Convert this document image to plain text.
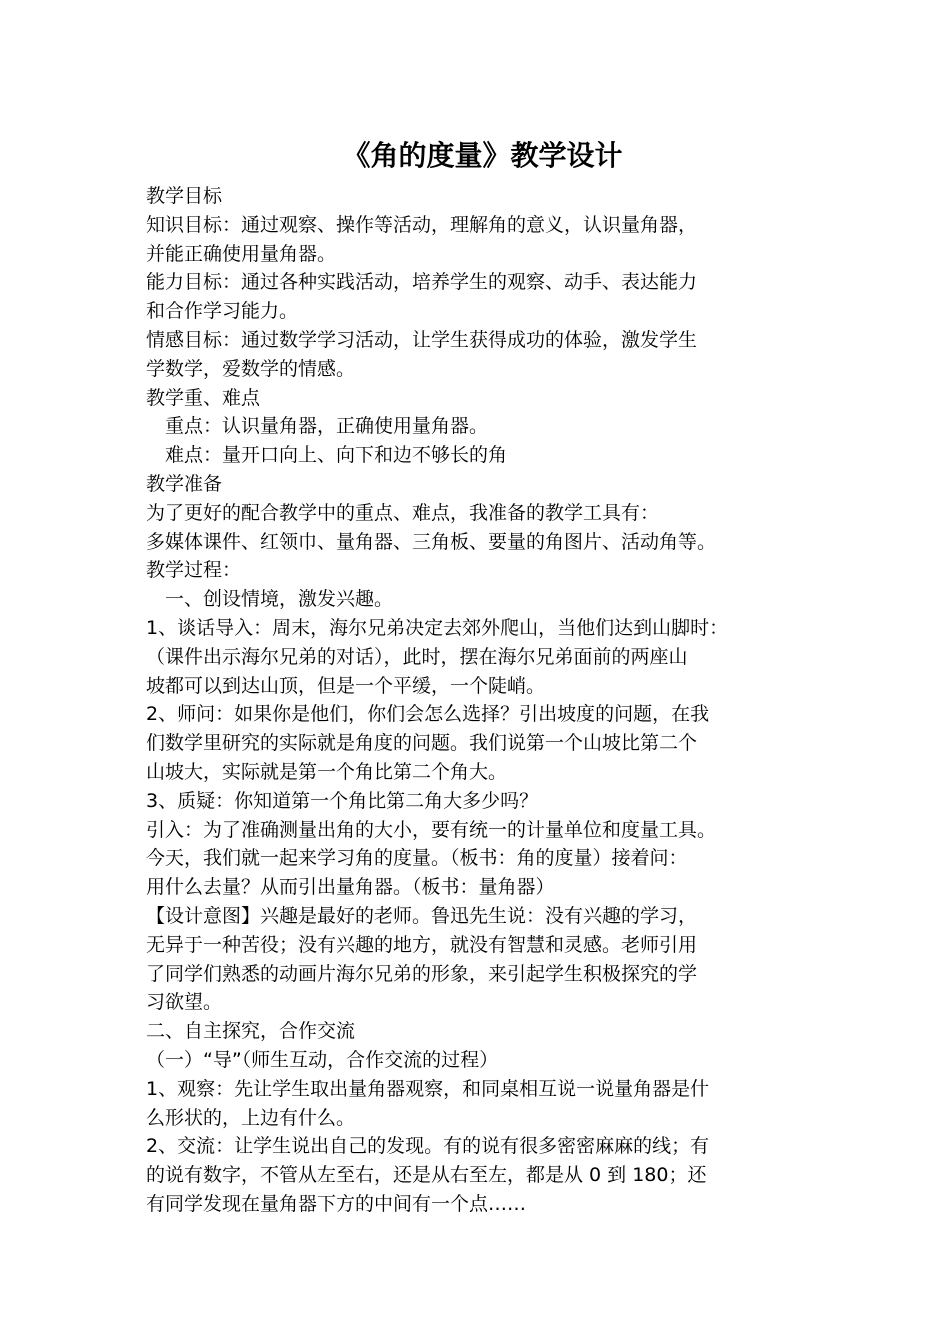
《角的度量》教学设计

教学目标

知识目标：通过观察、操作等活动，理解角的意义，认识量角器，

并能正确使用量角器。

能力目标：通过各种实践活动，培养学生的观察、动手、表达能力

和合作学习能力。

情感目标：通过数学学习活动，让学生获得成功的体验，激发学生

学数学，爱数学的情感。

教学重、难点

　重点：认识量角器，正确使用量角器。

　难点：量开口向上、向下和边不够长的角

教学准备

为了更好的配合教学中的重点、难点，我准备的教学工具有：

多媒体课件、红领巾、量角器、三角板、要量的角图片、活动角等。

教学过程：

　一、创设情境，激发兴趣。

1、谈话导入：周末，海尔兄弟决定去郊外爬山，当他们达到山脚时：

（课件出示海尔兄弟的对话），此时，摆在海尔兄弟面前的两座山

坡都可以到达山顶，但是一个平缓，一个陡峭。

2、师问：如果你是他们，你们会怎么选择？引出坡度的问题，在我

们数学里研究的实际就是角度的问题。我们说第一个山坡比第二个

山坡大，实际就是第一个角比第二个角大。

3、质疑：你知道第一个角比第二角大多少吗？

引入：为了准确测量出角的大小，要有统一的计量单位和度量工具。

今天，我们就一起来学习角的度量。（板书：角的度量）接着问：

用什么去量？从而引出量角器。（板书：量角器）

【设计意图】兴趣是最好的老师。鲁迅先生说：没有兴趣的学习，

无异于一种苦役；没有兴趣的地方，就没有智慧和灵感。老师引用

了同学们熟悉的动画片海尔兄弟的形象，来引起学生积极探究的学

习欲望。

二、自主探究，合作交流

（一）“导”（师生互动，合作交流的过程）

1、观察：先让学生取出量角器观察，和同桌相互说一说量角器是什

么形状的，上边有什么。

2、交流：让学生说出自己的发现。有的说有很多密密麻麻的线；有

的说有数字，不管从左至右，还是从右至左，都是从 0 到 180；还

有同学发现在量角器下方的中间有一个点……
